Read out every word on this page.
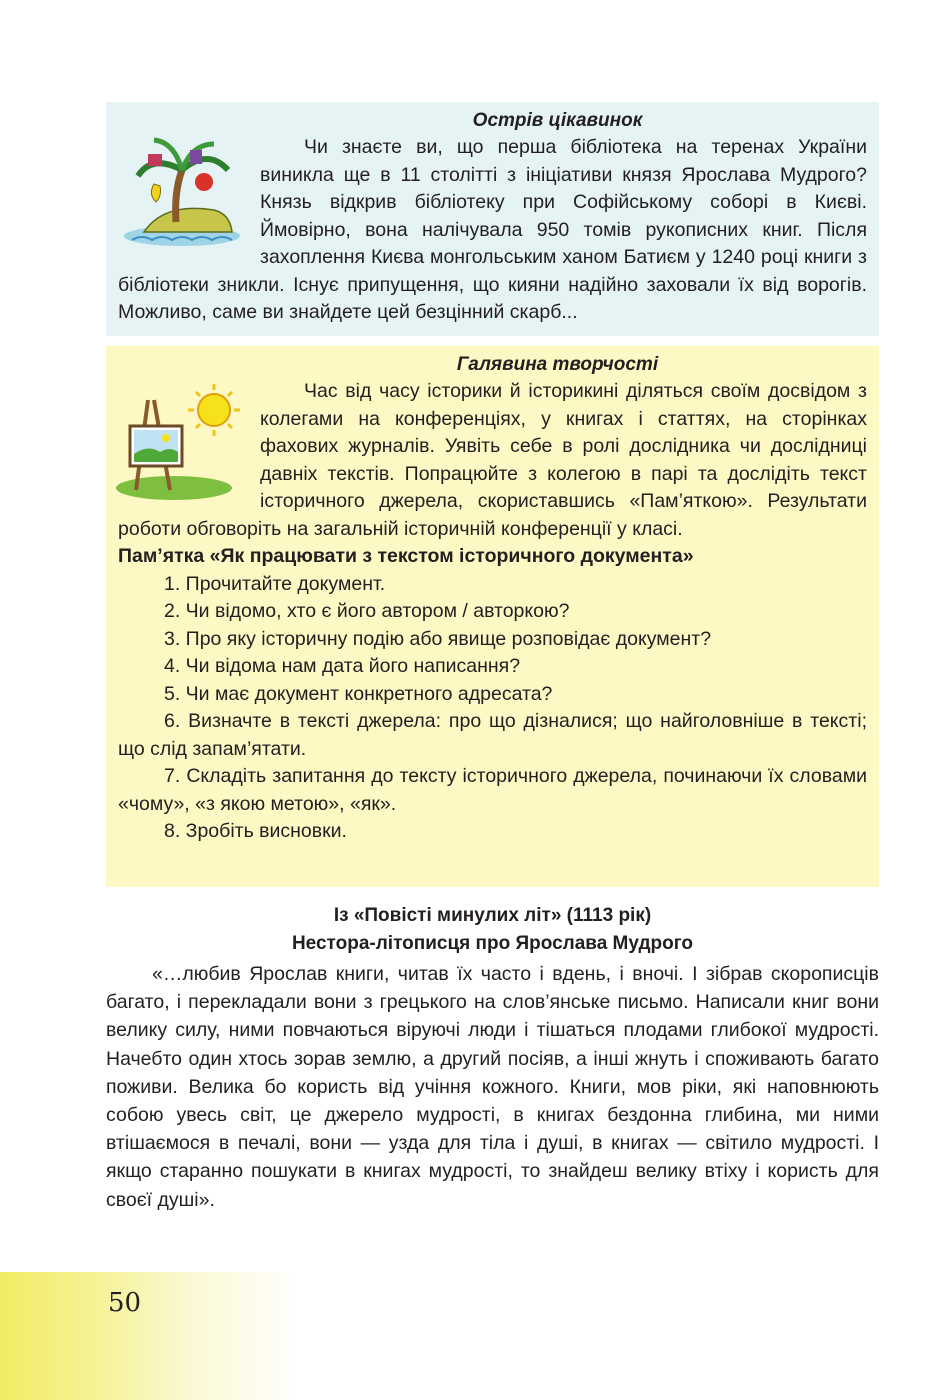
Острів цікавинок

Чи знаєте ви, що перша бібліотека на теренах України виникла ще в 11 столітті з ініціативи князя Ярослава Мудрого? Князь відкрив бібліотеку при Софійському соборі в Києві. Ймовірно, вона налічувала 950 томів рукописних книг. Після захоплення Києва монгольським ханом Батиєм у 1240 році книги з бібліотеки зникли. Існує припущення, що кияни надійно заховали їх від ворогів. Можливо, саме ви знайдете цей безцінний скарб...

Галявина творчості

Час від часу історики й історикині діляться своїм досвідом з колегами на конференціях, у книгах і статтях, на сторінках фахових журналів. Уявіть себе в ролі дослідника чи дослідниці давніх текстів. Попрацюйте з колегою в парі та дослідіть текст історичного джерела, скориставшись «Пам’яткою». Результати роботи обговоріть на загальній історичній конференції у класі.

Пам’ятка «Як працювати з текстом історичного документа»

1. Прочитайте документ.

2. Чи відомо, хто є його автором / авторкою?

3. Про яку історичну подію або явище розповідає документ?

4. Чи відома нам дата його написання?

5. Чи має документ конкретного адресата?

6. Визначте в тексті джерела: про що дізналися; що найголовніше в тексті; що слід запам’ятати.

7. Складіть запитання до тексту історичного джерела, починаючи їх словами «чому», «з якою метою», «як».

8. Зробіть висновки.

Із «Повісті минулих літ» (1113 рік)

Нестора-літописця про Ярослава Мудрого

«…любив Ярослав книги, читав їх часто і вдень, і вночі. І зібрав скорописців багато, і перекладали вони з грецького на слов’янське письмо. Написали книг вони велику силу, ними повчаються віруючі люди і тішаться плодами глибокої мудрості. Начебто один хтось зорав землю, а другий посіяв, а інші жнуть і споживають багато поживи. Велика бо користь від учіння кожного. Книги, мов ріки, які наповнюють собою увесь світ, це джерело мудрості, в книгах бездонна глибина, ми ними втішаємося в печалі, вони — узда для тіла і душі, в книгах — світило мудрості. І якщо старанно пошукати в книгах мудрості, то знайдеш велику втіху і користь для своєї душі».

50
